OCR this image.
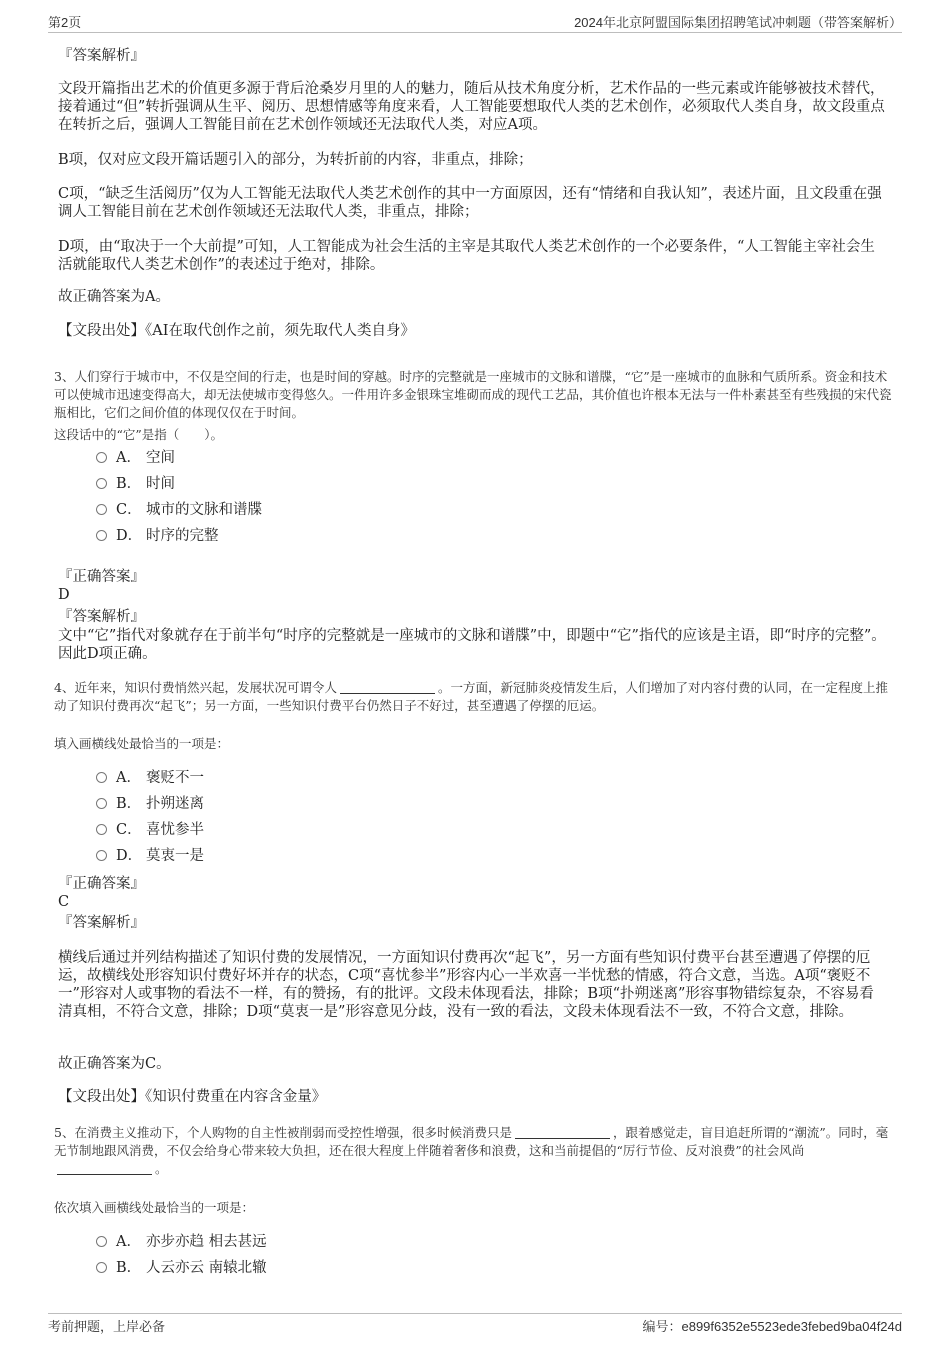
第2页	2024年北京阿盟国际集团招聘笔试冲刺题（带答案解析）
『答案解析』
文段开篇指出艺术的价值更多源于背后沧桑岁月里的人的魅力，随后从技术角度分析，艺术作品的一些元素或许能够被技术替代，接着通过“但”转折强调从生平、阅历、思想情感等角度来看，人工智能要想取代人类的艺术创作，必须取代人类自身，故文段重点在转折之后，强调人工智能目前在艺术创作领域还无法取代人类，对应A项。
B项，仅对应文段开篇话题引入的部分，为转折前的内容，非重点，排除；
C项，“缺乏生活阅历”仅为人工智能无法取代人类艺术创作的其中一方面原因，还有“情绪和自我认知”，表述片面，且文段重在强调人工智能目前在艺术创作领域还无法取代人类，非重点，排除；
D项，由“取决于一个大前提”可知，人工智能成为社会生活的主宰是其取代人类艺术创作的一个必要条件，“人工智能主宰社会生活就能取代人类艺术创作”的表述过于绝对，排除。
故正确答案为A。
【文段出处】《AI在取代创作之前，须先取代人类自身》
3、人们穿行于城市中，不仅是空间的行走，也是时间的穿越。时序的完整就是一座城市的文脉和谱牒，“它”是一座城市的血脉和气质所系。资金和技术可以使城市迅速变得高大，却无法使城市变得悠久。一件用许多金银珠宝堆砌而成的现代工艺品，其价值也许根本无法与一件朴素甚至有些残损的宋代瓷瓶相比，它们之间价值的体现仅仅在于时间。
这段话中的“它”是指（　　）。
A． 空间
B． 时间
C． 城市的文脉和谱牒
D． 时序的完整
『正确答案』
D
『答案解析』
文中“它”指代对象就存在于前半句“时序的完整就是一座城市的文脉和谱牒”中，即题中“它”指代的应该是主语，即“时序的完整”。因此D项正确。
4、近年来，知识付费悄然兴起，发展状况可谓令人	。一方面，新冠肺炎疫情发生后，人们增加了对内容付费的认同，在一定程度上推动了知识付费再次“起飞”；另一方面，一些知识付费平台仍然日子不好过，甚至遭遇了停摆的厄运。
填入画横线处最恰当的一项是：
A． 褒贬不一
B． 扑朔迷离
C． 喜忧参半
D． 莫衷一是
『正确答案』
C
『答案解析』
横线后通过并列结构描述了知识付费的发展情况，一方面知识付费再次“起飞”，另一方面有些知识付费平台甚至遭遇了停摆的厄运，故横线处形容知识付费好坏并存的状态，C项“喜忧参半”形容内心一半欢喜一半忧愁的情感，符合文意，当选。A项“褒贬不一”形容对人或事物的看法不一样，有的赞扬，有的批评。文段未体现看法，排除；B项“扑朔迷离”形容事物错综复杂，不容易看清真相，不符合文意，排除；D项“莫衷一是”形容意见分歧，没有一致的看法，文段未体现看法不一致，不符合文意，排除。
故正确答案为C。
【文段出处】《知识付费重在内容含金量》
5、在消费主义推动下，个人购物的自主性被削弱而受控性增强，很多时候消费只是	，跟着感觉走，盲目追赶所谓的“潮流”。同时，毫无节制地跟风消费，不仅会给身心带来较大负担，还在很大程度上伴随着奢侈和浪费，这和当前提倡的“厉行节俭、反对浪费”的社会风尚。
依次填入画横线处最恰当的一项是：
A． 亦步亦趋 相去甚远
B． 人云亦云 南辕北辙
考前押题，上岸必备	编号：e899f6352e5523ede3febed9ba04f24d
